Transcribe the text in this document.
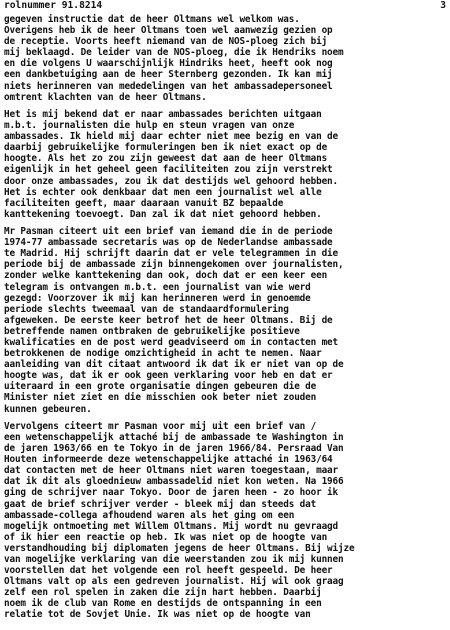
rolnummer 91.8214	3
gegeven instructie dat de heer Oltmans wel welkom was.
Overigens heb ik de heer Oltmans toen wel aanwezig gezien op
de receptie. Voorts heeft niemand van de NOS-ploeg zich bij
mij beklaagd. De leider van de NOS-ploeg, die ik Hendriks noem
en die volgens U waarschijnlijk Hindriks heet, heeft ook nog
een dankbetuiging aan de heer Sternberg gezonden. Ik kan mij
niets herinneren van mededelingen van het ambassadepersoneel
omtrent klachten van de heer Oltmans.
Het is mij bekend dat er naar ambassades berichten uitgaan
m.b.t. journalisten die hulp en steun vragen van onze
ambassades. Ik hield mij daar echter niet mee bezig en van de
daarbij gebruikelijke formuleringen ben ik niet exact op de
hoogte. Als het zo zou zijn geweest dat aan de heer Oltmans
eigenlijk in het geheel geen faciliteiten zou zijn verstrekt
door onze ambassades, zou ik dat destijds wel gehoord hebben.
Het is echter ook denkbaar dat men een journalist wel alle
faciliteiten geeft, maar daaraan vanuit BZ bepaalde
kanttekening toevoegt. Dan zal ik dat niet gehoord hebben.
Mr Pasman citeert uit een brief van iemand die in de periode
1974-77 ambassade secretaris was op de Nederlandse ambassade
te Madrid. Hij schrijft daarin dat er vele telegrammen in die
periode bij de ambassade zijn binnengekomen over journalisten,
zonder welke kanttekening dan ook, doch dat er een keer een
telegram is ontvangen m.b.t. een journalist van wie werd
gezegd: Voorzover ik mij kan herinneren werd in genoemde
periode slechts tweemaal van de standaardformulering
afgeweken. De eerste keer betrof het de heer Oltmans. Bij de
betreffende namen ontbraken de gebruikelijke positieve
kwalificaties en de post werd geadviseerd om in contacten met
betrokkenen de nodige omzichtigheid in acht te nemen. Naar
aanleiding van dit citaat antwoord ik dat ik er niet van op de
hoogte was, dat ik er ook geen verklaring voor heb en dat er
uiteraard in een grote organisatie dingen gebeuren die de
Minister niet ziet en die misschien ook beter niet zouden
kunnen gebeuren.
Vervolgens citeert mr Pasman voor mij uit een brief van /
een wetenschappelijk attaché bij de ambassade te Washington in
de jaren 1963/66 en te Tokyo in de jaren 1966/84. Persraad Van
Houten informeerde deze wetenschappelijke attaché in 1963/64
dat contacten met de heer Oltmans niet waren toegestaan, maar
dat ik dit als gloednieuw ambassadelid niet kon weten. Na 1966
ging de schrijver naar Tokyo. Door de jaren heen - zo hoor ik
gaat de brief schrijver verder - bleek mij dan steeds dat
ambassade-collega afhoudend waren als het ging om een
mogelijk ontmoeting met Willem Oltmans. Mij wordt nu gevraagd
of ik hier een reactie op heb. Ik was niet op de hoogte van
verstandhouding bij diplomaten jegens de heer Oltmans. Bij wijze
van mogelijke verklaring van die weerstanden zou ik mij kunnen
voorstellen dat het volgende een rol heeft gespeeld. De heer
Oltmans valt op als een gedreven journalist. Hij wil ook graag
zelf een rol spelen in zaken die zijn hart hebben. Daarbij
noem ik de club van Rome en destijds de ontspanning in een
relatie tot de Sovjet Unie. Ik was niet op de hoogte van
